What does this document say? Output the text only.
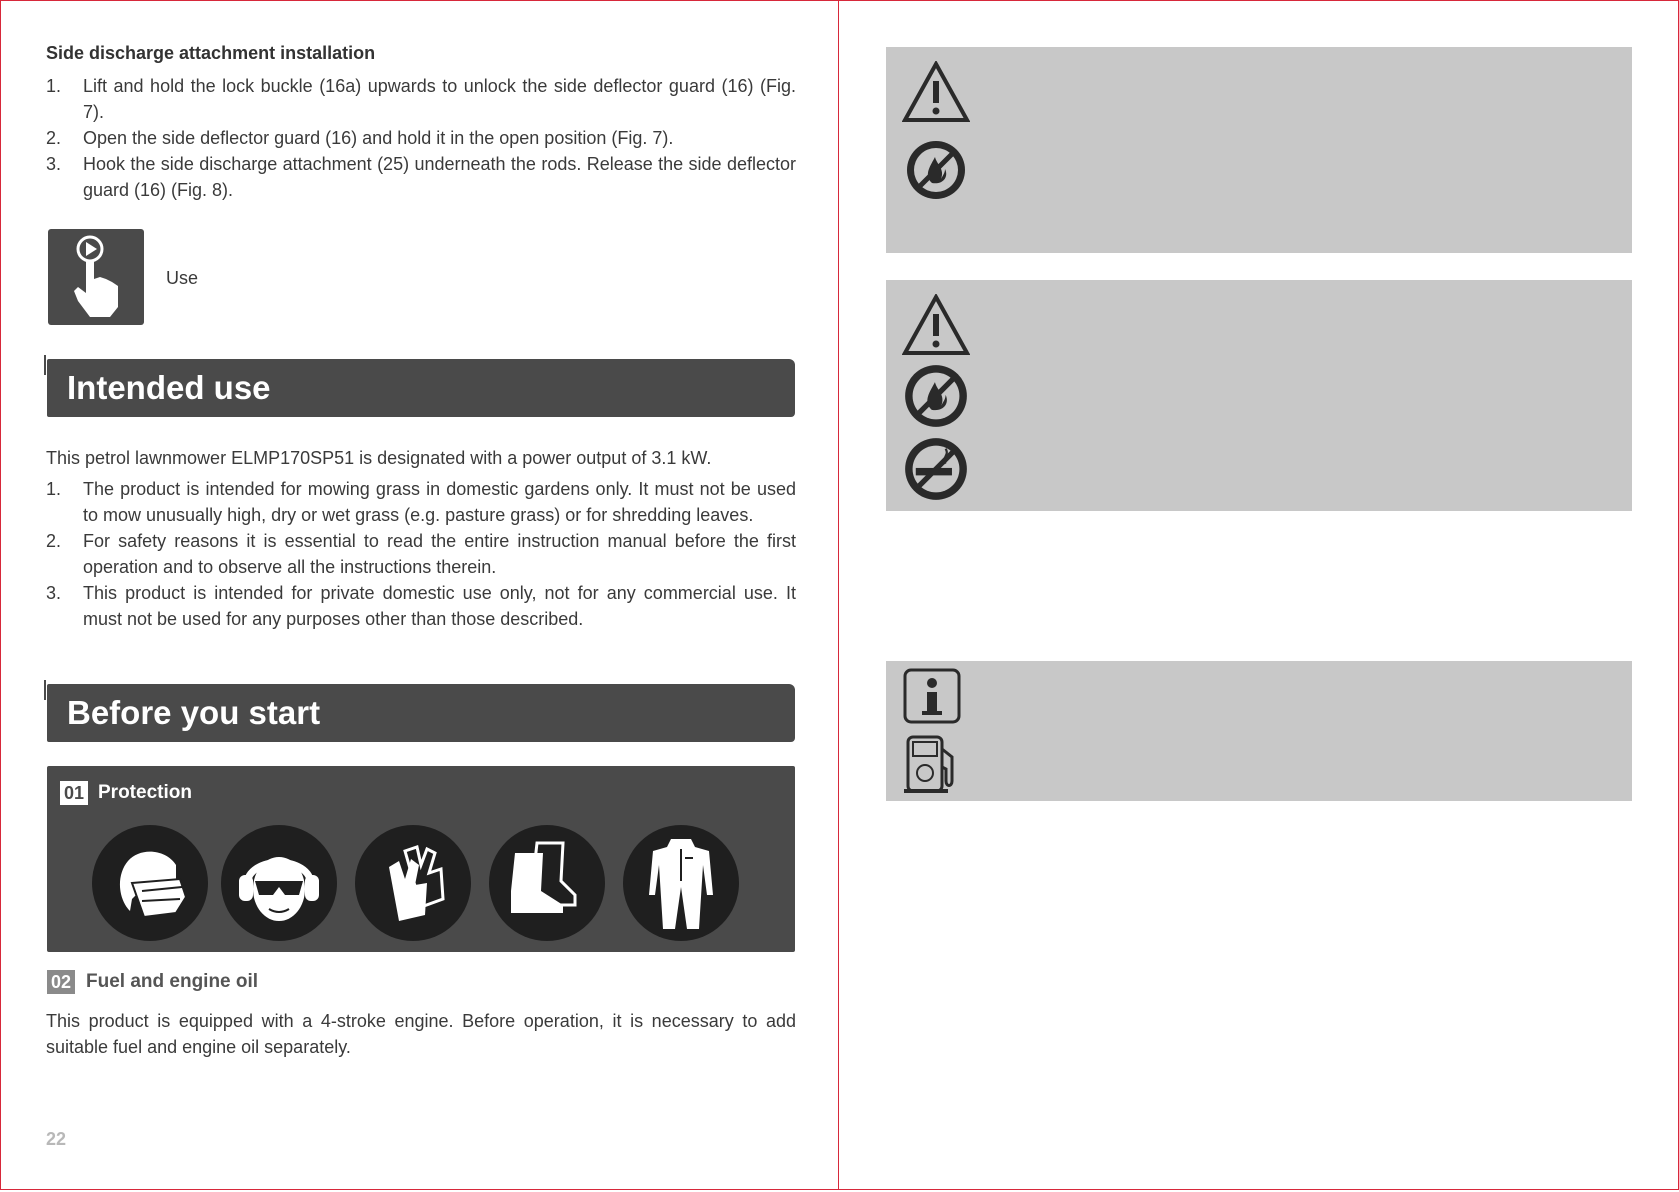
Side discharge attachment installation
1. Lift and hold the lock buckle (16a) upwards to unlock the side deflector guard (16) (Fig. 7).
2. Open the side deflector guard (16) and hold it in the open position (Fig. 7).
3. Hook the side discharge attachment (25) underneath the rods. Release the side deflector guard (16) (Fig. 8).
Use
Intended use
This petrol lawnmower ELMP170SP51 is designated with a power output of 3.1 kW.
1. The product is intended for mowing grass in domestic gardens only. It must not be used to mow unusually high, dry or wet grass (e.g. pasture grass) or for shredding leaves.
2. For safety reasons it is essential to read the entire instruction manual before the first operation and to observe all the instructions therein.
3. This product is intended for private domestic use only, not for any commercial use. It must not be used for any purposes other than those described.
Before you start
01 Protection
02 Fuel and engine oil
This product is equipped with a 4-stroke engine. Before operation, it is necessary to add suitable fuel and engine oil separately.
22
